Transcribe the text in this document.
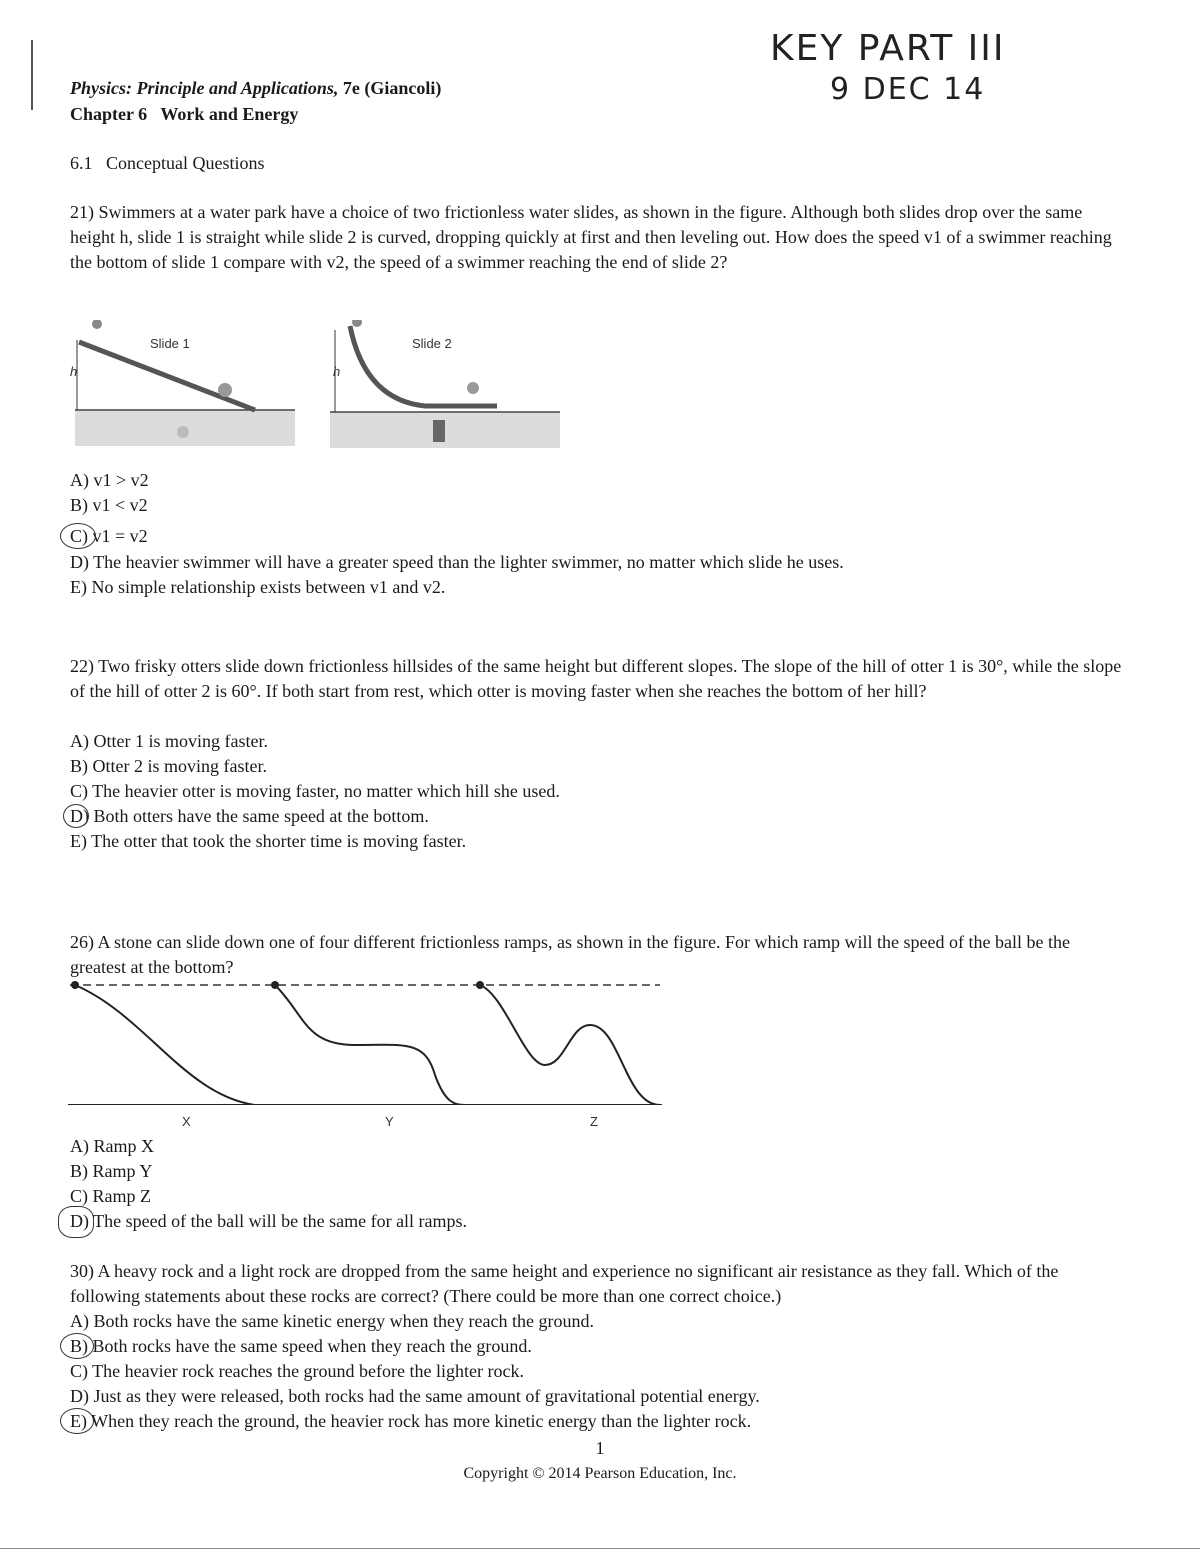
KEY PART III
9 DEC 14
Physics: Principle and Applications, 7e (Giancoli)
Chapter 6   Work and Energy
6.1   Conceptual Questions
21) Swimmers at a water park have a choice of two frictionless water slides, as shown in the figure. Although both slides drop over the same height h, slide 1 is straight while slide 2 is curved, dropping quickly at first and then leveling out. How does the speed v1 of a swimmer reaching the bottom of slide 1 compare with v2, the speed of a swimmer reaching the end of slide 2?
Slide 1	Slide 2
h	h
A) v1 > v2
B) v1 < v2
C) v1 = v2
D) The heavier swimmer will have a greater speed than the lighter swimmer, no matter which slide he uses.
E) No simple relationship exists between v1 and v2.
22) Two frisky otters slide down frictionless hillsides of the same height but different slopes. The slope of the hill of otter 1 is 30°, while the slope of the hill of otter 2 is 60°. If both start from rest, which otter is moving faster when she reaches the bottom of her hill?
A) Otter 1 is moving faster.
B) Otter 2 is moving faster.
C) The heavier otter is moving faster, no matter which hill she used.
D) Both otters have the same speed at the bottom.
E) The otter that took the shorter time is moving faster.
26) A stone can slide down one of four different frictionless ramps, as shown in the figure. For which ramp will the speed of the ball be the greatest at the bottom?
X	Y	Z
A) Ramp X
B) Ramp Y
C) Ramp Z
D) The speed of the ball will be the same for all ramps.
30) A heavy rock and a light rock are dropped from the same height and experience no significant air resistance as they fall. Which of the following statements about these rocks are correct? (There could be more than one correct choice.)
A) Both rocks have the same kinetic energy when they reach the ground.
B) Both rocks have the same speed when they reach the ground.
C) The heavier rock reaches the ground before the lighter rock.
D) Just as they were released, both rocks had the same amount of gravitational potential energy.
E) When they reach the ground, the heavier rock has more kinetic energy than the lighter rock.
1
Copyright © 2014 Pearson Education, Inc.
